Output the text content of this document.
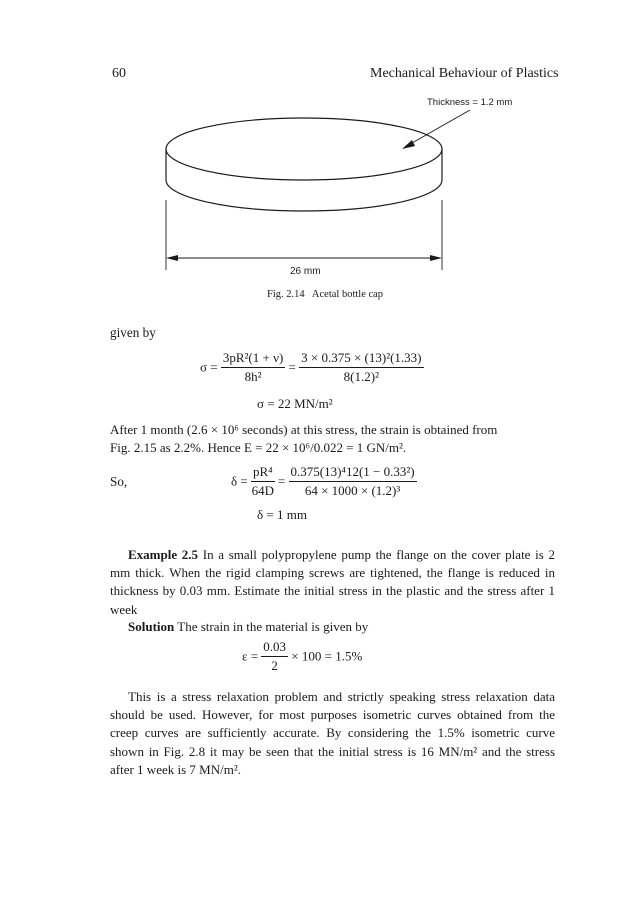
60	Mechanical Behaviour of Plastics
Thickness = 1.2 mm
26 mm
Fig. 2.14   Acetal bottle cap
given by
$\sigma = \frac{\text{3pR²(1 + ν)}}{\text{8h²}} = \frac{\text{3 × 0.375 × (13)²(1.33)}}{\text{8(1.2)²}}$
σ = 22 MN/m²
After 1 month (2.6 × 10⁶ seconds) at this stress, the strain is obtained from
Fig. 2.15 as 2.2%. Hence E = 22 × 10⁶/0.022 = 1 GN/m².
So,	$\delta = \frac{\text{pR⁴}}{64D} = \frac{\text{0.375(13)⁴12(1 − 0.33²)}}{\text{64 × 1000 × (1.2)³}}$
δ = 1 mm
Example 2.5 In a small polypropylene pump the flange on the cover plate is 2 mm thick. When the rigid clamping screws are tightened, the flange is reduced in thickness by 0.03 mm. Estimate the initial stress in the plastic and the stress after 1 week
Solution The strain in the material is given by
$\varepsilon = \frac{0.03}{2} \times 100 = 1.5\%$
This is a stress relaxation problem and strictly speaking stress relaxation data should be used. However, for most purposes isometric curves obtained from the creep curves are sufficiently accurate. By considering the 1.5% isometric curve shown in Fig. 2.8 it may be seen that the initial stress is 16 MN/m² and the stress after 1 week is 7 MN/m².
